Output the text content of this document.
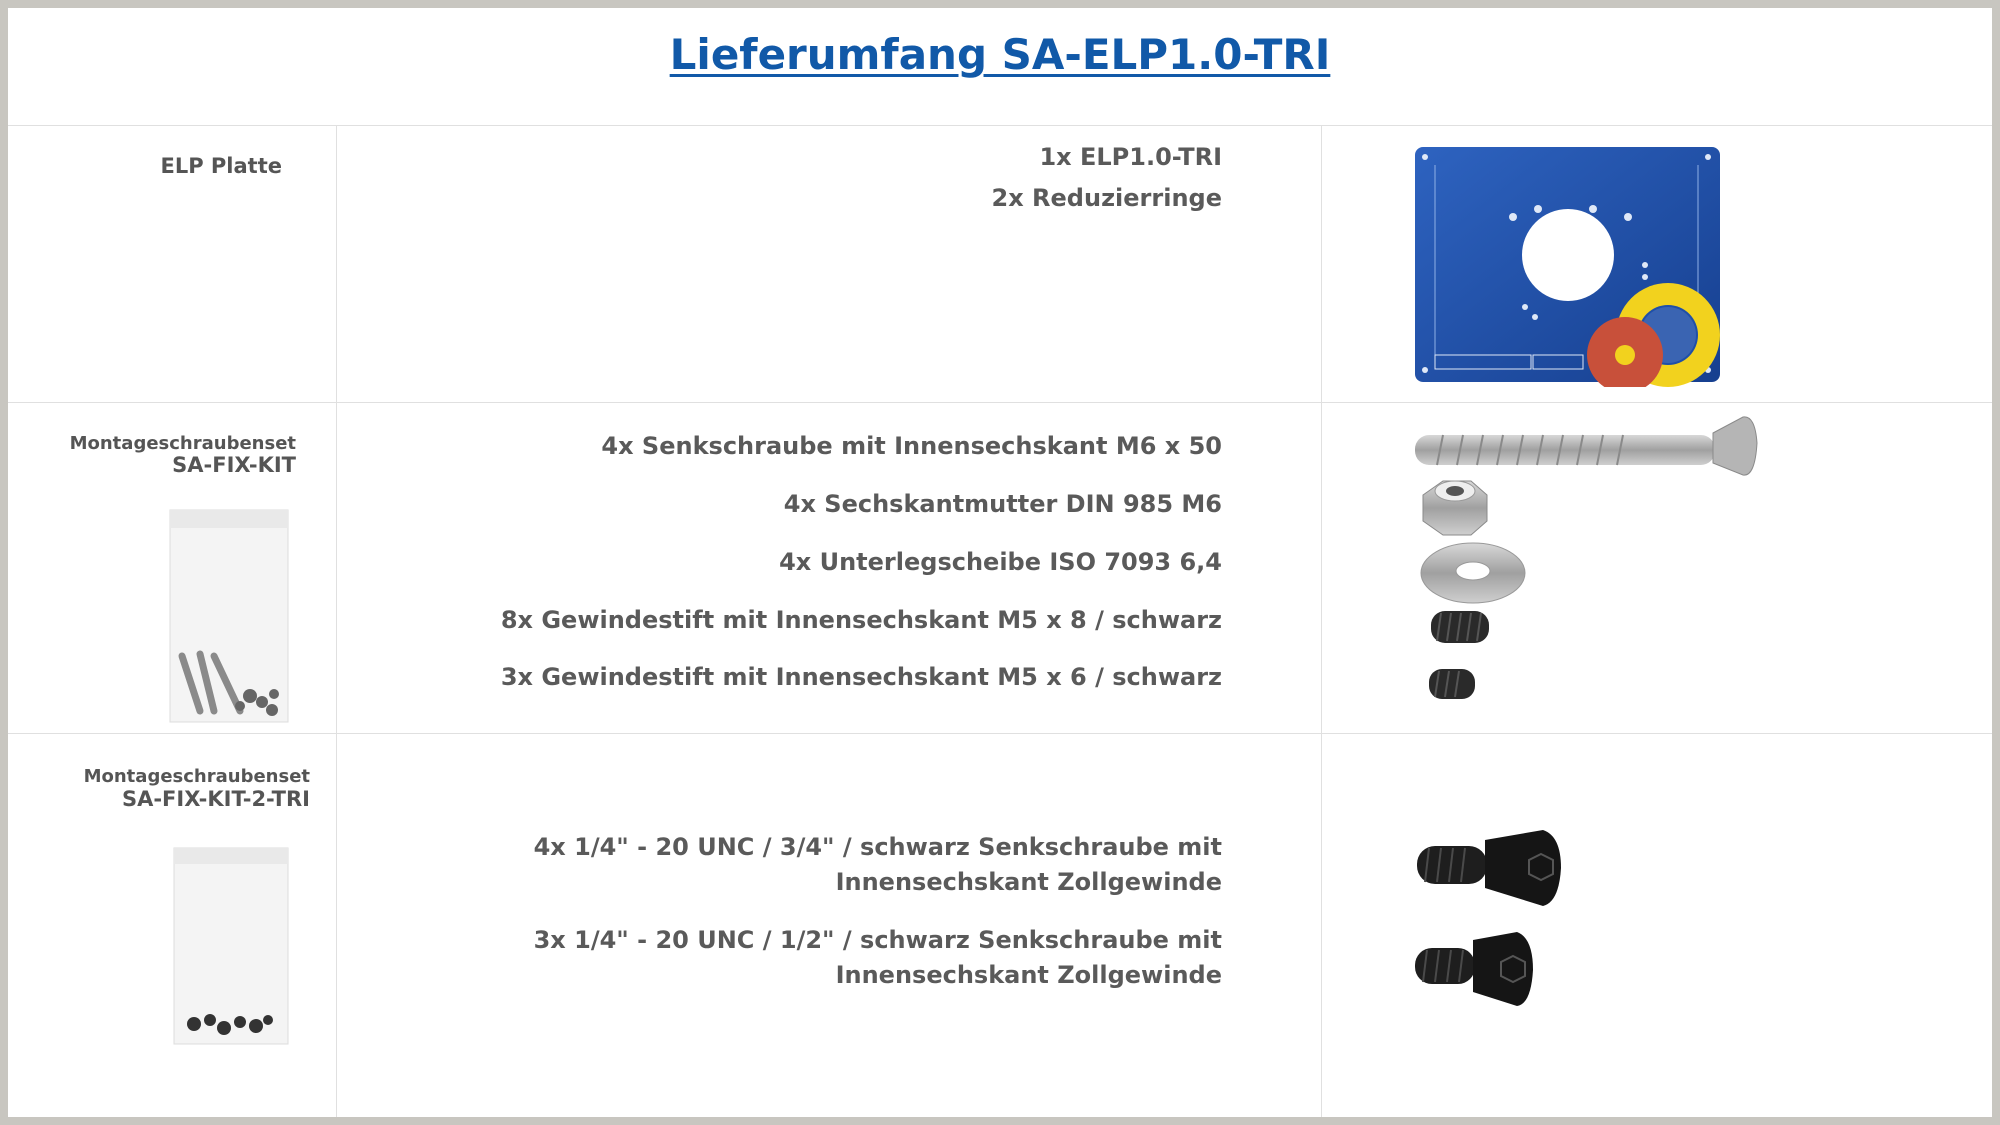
Lieferumfang SA-ELP1.0-TRI
ELP Platte	1x ELP1.0-TRI
2x Reduzierringe
Montageschraubenset
SA-FIX-KIT
4x Senkschraube mit Innensechskant M6 x 50
4x Sechskantmutter DIN 985 M6
4x Unterlegscheibe ISO 7093 6,4
8x Gewindestift mit Innensechskant M5 x 8 / schwarz
3x Gewindestift mit Innensechskant M5 x 6 / schwarz
Montageschraubenset
SA-FIX-KIT-2-TRI
4x 1/4" - 20 UNC / 3/4" / schwarz Senkschraube mit
Innensechskant Zollgewinde
3x 1/4" - 20 UNC / 1/2" / schwarz Senkschraube mit
Innensechskant Zollgewinde
